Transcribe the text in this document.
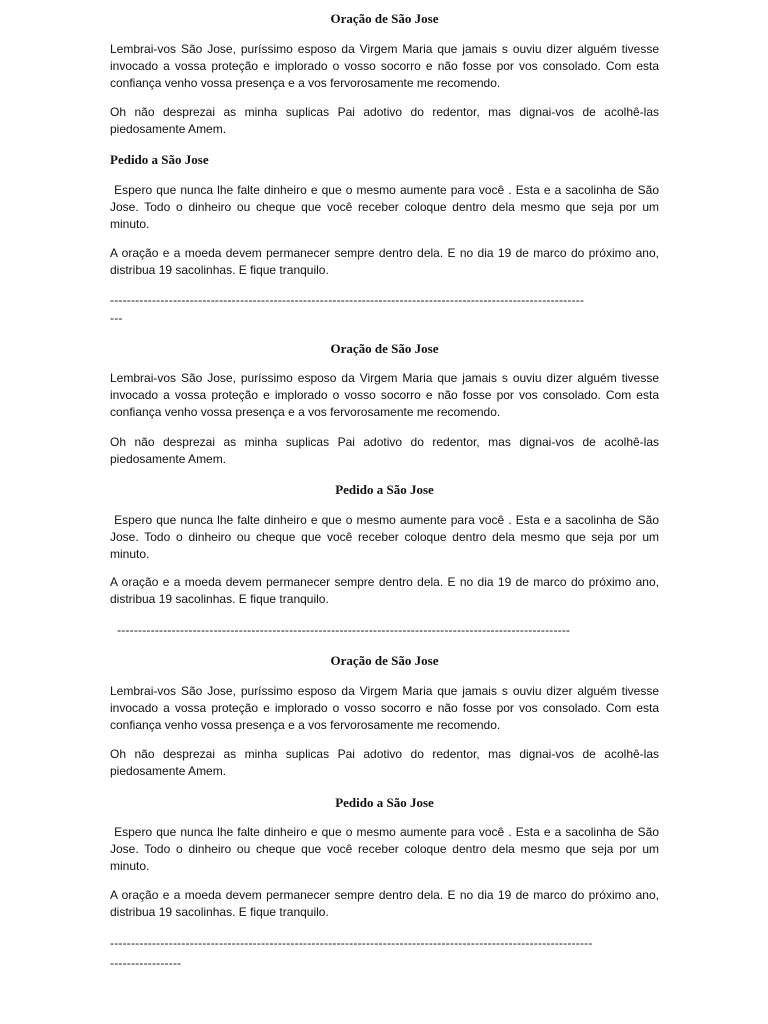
Oração de São Jose

Lembrai-vos São Jose, puríssimo esposo da Virgem Maria que jamais s ouviu dizer alguém tivesse invocado a vossa proteção e implorado o vosso socorro e não fosse por vos consolado. Com esta confiança venho vossa presença e a vos fervorosamente me recomendo.

Oh não desprezai as minha suplicas Pai adotivo do redentor, mas dignai-vos de acolhê-las piedosamente Amem.

Pedido a São Jose

Espero que nunca lhe falte dinheiro e que o mesmo aumente para você . Esta e a sacolinha de São Jose. Todo o dinheiro ou cheque que você receber coloque dentro dela mesmo que seja por um minuto.

A oração e a moeda devem permanecer sempre dentro dela. E no dia 19 de marco do próximo ano, distribua 19 sacolinhas. E fique tranquilo.

-----------------------------------------------------------------------------------------------------------------
---
Oração de São Jose

Lembrai-vos São Jose, puríssimo esposo da Virgem Maria que jamais s ouviu dizer alguém tivesse invocado a vossa proteção e implorado o vosso socorro e não fosse por vos consolado. Com esta confiança venho vossa presença e a vos fervorosamente me recomendo.

Oh não desprezai as minha suplicas Pai adotivo do redentor, mas dignai-vos de acolhê-las piedosamente Amem.

Pedido a São Jose

Espero que nunca lhe falte dinheiro e que o mesmo aumente para você . Esta e a sacolinha de São Jose. Todo o dinheiro ou cheque que você receber coloque dentro dela mesmo que seja por um minuto.

A oração e a moeda devem permanecer sempre dentro dela. E no dia 19 de marco do próximo ano, distribua 19 sacolinhas. E fique tranquilo.

------------------------------------------------------------------------------------------------------------
Oração de São Jose

Lembrai-vos São Jose, puríssimo esposo da Virgem Maria que jamais s ouviu dizer alguém tivesse invocado a vossa proteção e implorado o vosso socorro e não fosse por vos consolado. Com esta confiança venho vossa presença e a vos fervorosamente me recomendo.

Oh não desprezai as minha suplicas Pai adotivo do redentor, mas dignai-vos de acolhê-las piedosamente Amem.

Pedido a São Jose

Espero que nunca lhe falte dinheiro e que o mesmo aumente para você . Esta e a sacolinha de São Jose. Todo o dinheiro ou cheque que você receber coloque dentro dela mesmo que seja por um minuto.

A oração e a moeda devem permanecer sempre dentro dela. E no dia 19 de marco do próximo ano, distribua 19 sacolinhas. E fique tranquilo.

-------------------------------------------------------------------------------------------------------------------
-----------------
